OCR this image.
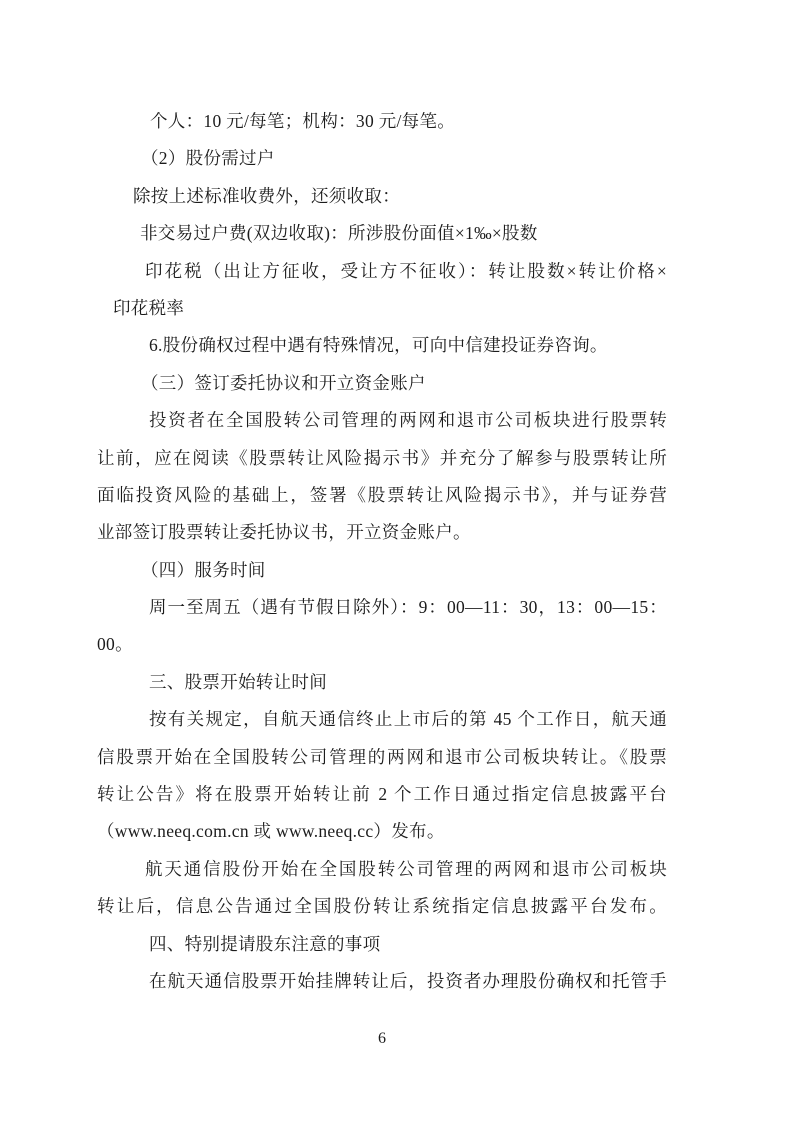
个人：10 元/每笔；机构：30 元/每笔。
（2）股份需过户
除按上述标准收费外，还须收取：
非交易过户费(双边收取)：所涉股份面值×1‰×股数
印花税（出让方征收，受让方不征收）：转让股数×转让价格×
印花税率
6.股份确权过程中遇有特殊情况，可向中信建投证券咨询。
（三）签订委托协议和开立资金账户
投资者在全国股转公司管理的两网和退市公司板块进行股票转
让前，应在阅读《股票转让风险揭示书》并充分了解参与股票转让所
面临投资风险的基础上，签署《股票转让风险揭示书》，并与证券营
业部签订股票转让委托协议书，开立资金账户。
（四）服务时间
周一至周五（遇有节假日除外）：9：00—11：30，13：00—15：
00。
三、股票开始转让时间
按有关规定，自航天通信终止上市后的第 45 个工作日，航天通
信股票开始在全国股转公司管理的两网和退市公司板块转让。《股票
转让公告》将在股票开始转让前 2 个工作日通过指定信息披露平台
（www.neeq.com.cn 或 www.neeq.cc）发布。
航天通信股份开始在全国股转公司管理的两网和退市公司板块
转让后，信息公告通过全国股份转让系统指定信息披露平台发布。
四、特别提请股东注意的事项
在航天通信股票开始挂牌转让后，投资者办理股份确权和托管手
6
